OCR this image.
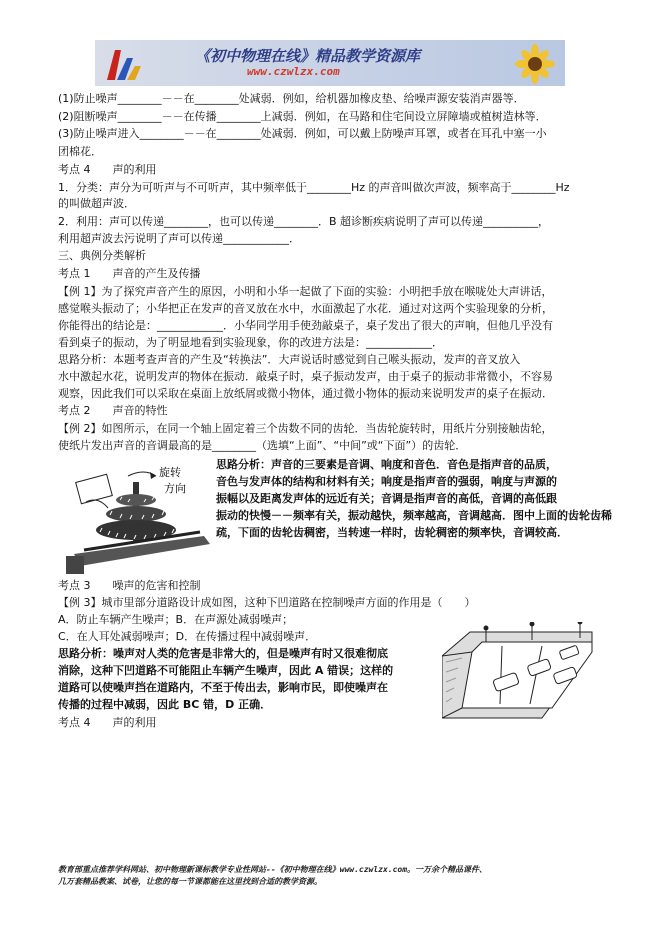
《初中物理在线》精品教学资源库
www.czwlzx.com
(1)防止噪声________－－在________处减弱．例如，给机器加橡皮垫、给噪声源安装消声器等．
(2)阻断噪声________－－在传播________上减弱．例如，在马路和住宅间设立屏障墙或植树造林等．
(3)防止噪声进入________－－在________处减弱．例如，可以戴上防噪声耳罩，或者在耳孔中塞一小
团棉花．
考点 4　　声的利用
1．分类：声分为可听声与不可听声，其中频率低于________Hz 的声音叫做次声波，频率高于________Hz
的叫做超声波．
2．利用：声可以传递________，也可以传递________．B 超诊断疾病说明了声可以传递__________，
利用超声波去污说明了声可以传递____________．
三、典例分类解析
考点 1　　声音的产生及传播
【例 1】为了探究声音产生的原因，小明和小华一起做了下面的实验：小明把手放在喉咙处大声讲话，
感觉喉头振动了；小华把正在发声的音叉放在水中，水面激起了水花．通过对这两个实验现象的分析，
你能得出的结论是：____________．小华同学用手使劲敲桌子，桌子发出了很大的声响，但他几乎没有
看到桌子的振动，为了明显地看到实验现象，你的改进方法是：____________．
思路分析：本题考查声音的产生及“转换法”．大声说话时感觉到自己喉头振动，发声的音叉放入
水中激起水花，说明发声的物体在振动．敲桌子时，桌子振动发声，由于桌子的振动非常微小，不容易
观察，因此我们可以采取在桌面上放纸屑或微小物体，通过微小物体的振动来说明发声的桌子在振动．
考点 2　　声音的特性
【例 2】如图所示，在同一个轴上固定着三个齿数不同的齿轮．当齿轮旋转时，用纸片分别接触齿轮，
使纸片发出声音的音调最高的是________（选填“上面”、“中间”或“下面”）的齿轮．
旋转
方向
思路分析：声音的三要素是音调、响度和音色．音色是指声音的品质，
音色与发声体的结构和材料有关；响度是指声音的强弱，响度与声源的
振幅以及距离发声体的远近有关；音调是指声音的高低，音调的高低跟
振动的快慢－－频率有关，振动越快，频率越高，音调越高．图中上面的齿轮齿稀
疏，下面的齿轮齿稠密，当转速一样时，齿轮稠密的频率快，音调较高．
考点 3　　噪声的危害和控制
【例 3】城市里部分道路设计成如图，这种下凹道路在控制噪声方面的作用是（　　）
A．防止车辆产生噪声；B．在声源处减弱噪声；
C．在人耳处减弱噪声；D．在传播过程中减弱噪声．
思路分析：噪声对人类的危害是非常大的，但是噪声有时又很难彻底
消除，这种下凹道路不可能阻止车辆产生噪声，因此 A 错误；这样的
道路可以使噪声挡在道路内，不至于传出去，影响市民，即使噪声在
传播的过程中减弱，因此 BC 错，D 正确．
考点 4　　声的利用
教育部重点推荐学科网站、初中物理新课标教学专业性网站--《初中物理在线》www.czwlzx.com。一万余个精品课件、
几万套精品教案、试卷，让您的每一节课都能在这里找到合适的教学资源。
